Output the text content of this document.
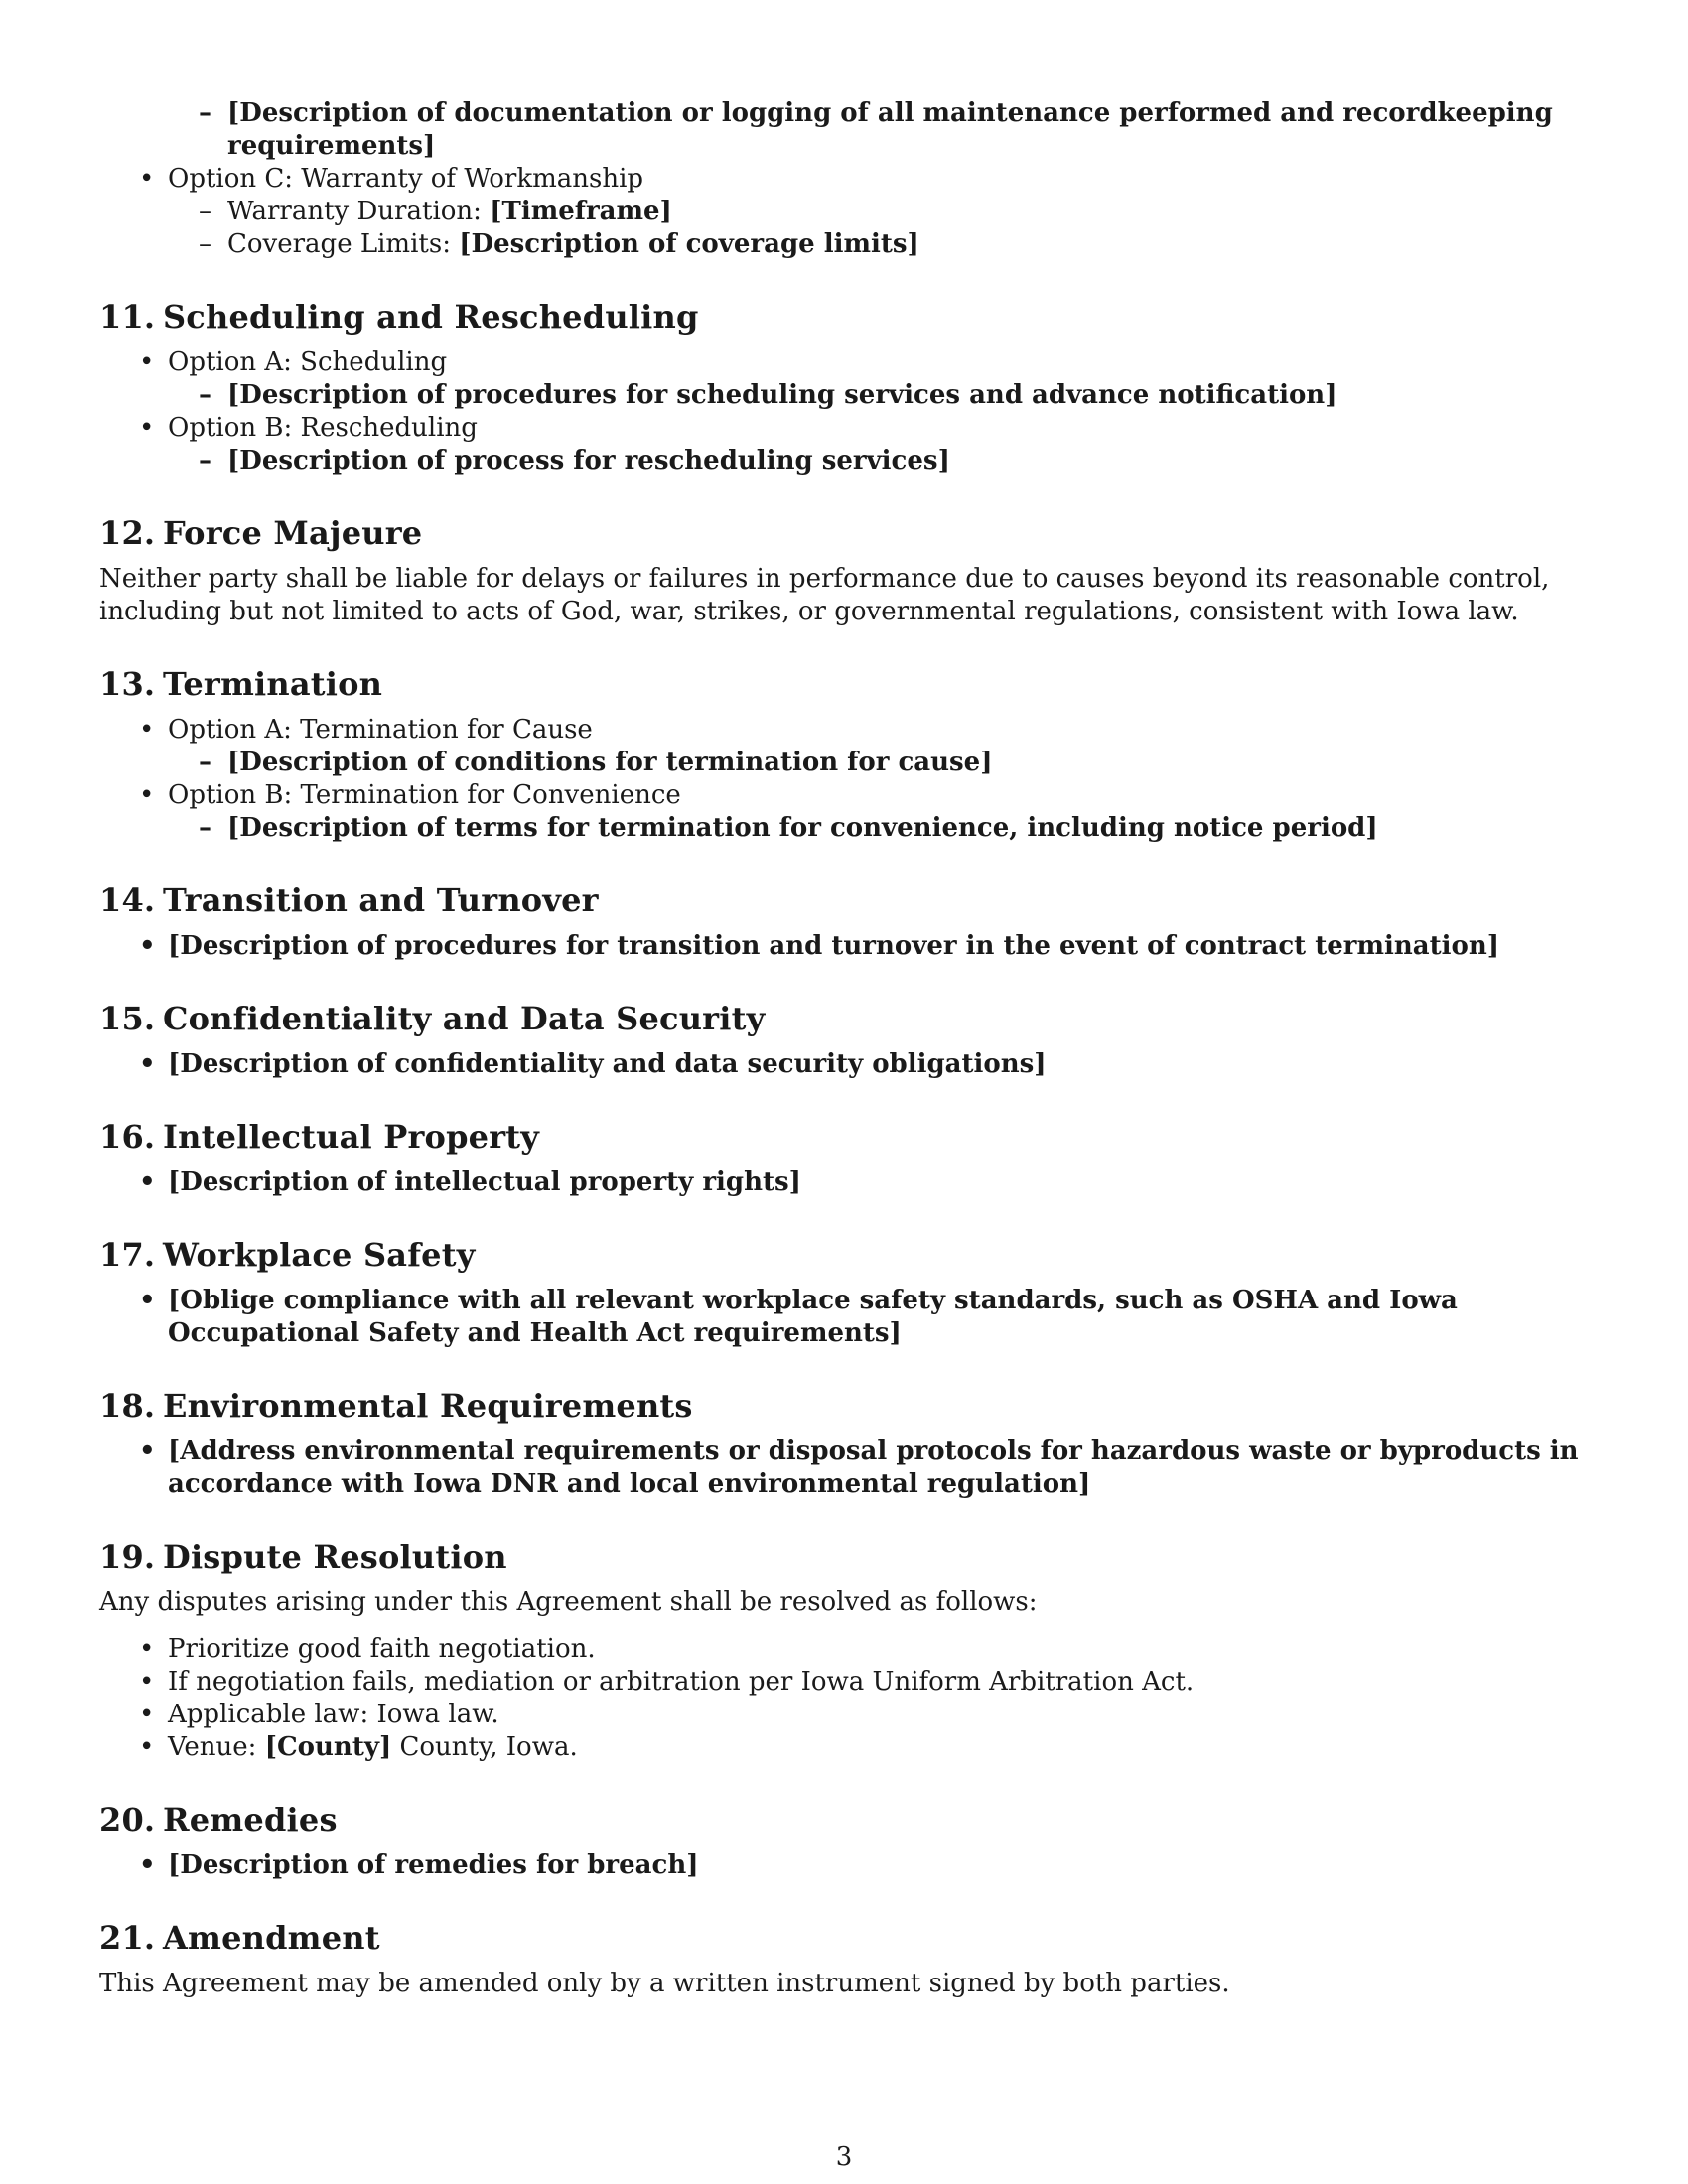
– [Description of documentation or logging of all maintenance performed and recordkeeping requirements]
• Option C: Warranty of Workmanship
– Warranty Duration: [Timeframe]
– Coverage Limits: [Description of coverage limits]
11. Scheduling and Rescheduling
• Option A: Scheduling
– [Description of procedures for scheduling services and advance notification]
• Option B: Rescheduling
– [Description of process for rescheduling services]
12. Force Majeure
Neither party shall be liable for delays or failures in performance due to causes beyond its reasonable control, including but not limited to acts of God, war, strikes, or governmental regulations, consistent with Iowa law.
13. Termination
• Option A: Termination for Cause
– [Description of conditions for termination for cause]
• Option B: Termination for Convenience
– [Description of terms for termination for convenience, including notice period]
14. Transition and Turnover
• [Description of procedures for transition and turnover in the event of contract termination]
15. Confidentiality and Data Security
• [Description of confidentiality and data security obligations]
16. Intellectual Property
• [Description of intellectual property rights]
17. Workplace Safety
• [Oblige compliance with all relevant workplace safety standards, such as OSHA and Iowa Occupational Safety and Health Act requirements]
18. Environmental Requirements
• [Address environmental requirements or disposal protocols for hazardous waste or byproducts in accordance with Iowa DNR and local environmental regulation]
19. Dispute Resolution
Any disputes arising under this Agreement shall be resolved as follows:
• Prioritize good faith negotiation.
• If negotiation fails, mediation or arbitration per Iowa Uniform Arbitration Act.
• Applicable law: Iowa law.
• Venue: [County] County, Iowa.
20. Remedies
• [Description of remedies for breach]
21. Amendment
This Agreement may be amended only by a written instrument signed by both parties.
3
